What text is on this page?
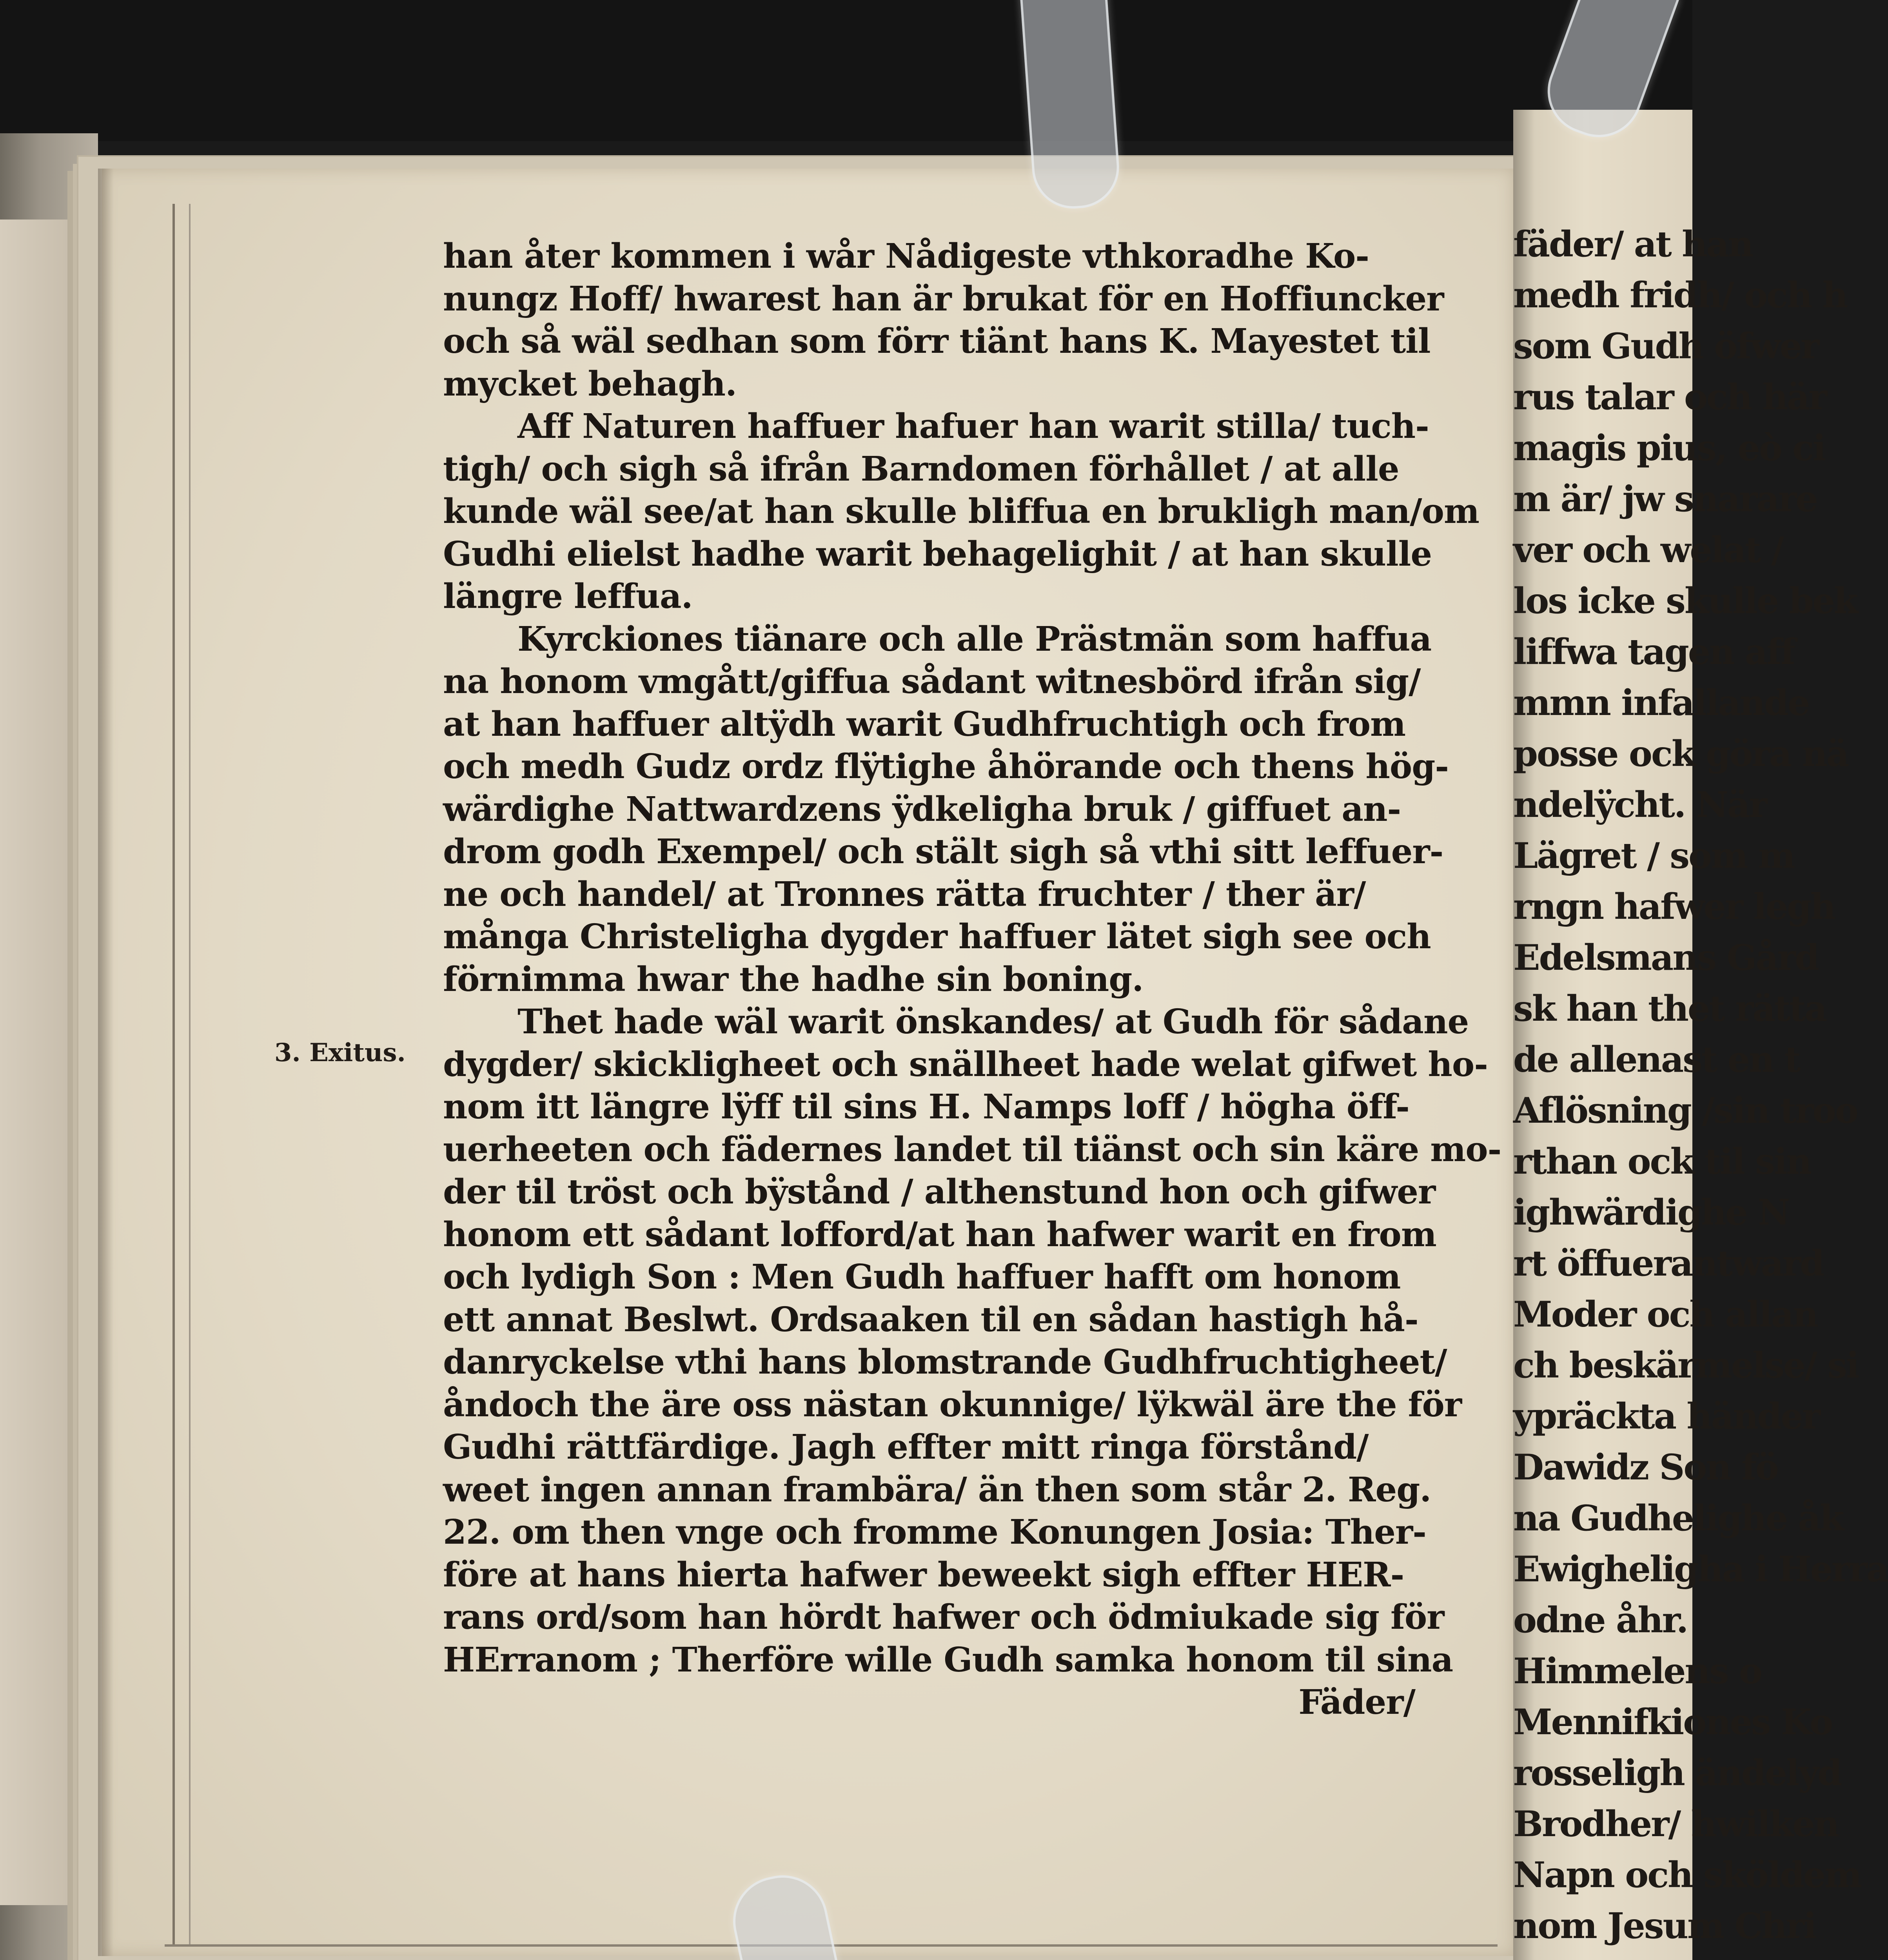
3. Exitus.
han åter kommen i wår Nådigeste vthkoradhe Ko-
nungz Hoff/ hwarest han är brukat för en Hoffiuncker
och så wäl sedhan som förr tiänt hans K. Mayestet til
mycket behagh.
Aff Naturen haffuer hafuer han warit stilla/ tuch-
tigh/ och sigh så ifrån Barndomen förhållet / at alle
kunde wäl see/at han skulle bliffua en brukligh man/om
Gudhi elielst hadhe warit behagelighit / at han skulle
längre leffua.
Kyrckiones tiänare och alle Prästmän som haffua
na honom vmgått/giffua sådant witnesbörd ifrån sig/
at han haffuer altÿdh warit Gudhfruchtigh och from
och medh Gudz ordz flÿtighe åhörande och thens hög-
wärdighe Nattwardzens ÿdkeligha bruk / giffuet an-
drom godh Exempel/ och stält sigh så vthi sitt leffuer-
ne och handel/ at Tronnes rätta fruchter / ther är/
många Christeligha dygder haffuer lätet sigh see och
förnimma hwar the hadhe sin boning.
Thet hade wäl warit önskandes/ at Gudh för sådane
dygder/ skickligheet och snällheet hade welat gifwet ho-
nom itt längre lÿff til sins H. Namps loff / högha öff-
uerheeten och fädernes landet til tiänst och sin käre mo-
der til tröst och bÿstånd / althenstund hon och gifwer
honom ett sådant lofford/at han hafwer warit en from
och lydigh Son : Men Gudh haffuer hafft om honom
ett annat Beslwt. Ordsaaken til en sådan hastigh hå-
danryckelse vthi hans blomstrande Gudhfruchtigheet/
åndoch the äre oss nästan okunnige/ lÿkwäl äre the för
Gudhi rättfärdige. Jagh effter mitt ringa förstånd/
weet ingen annan frambära/ än then som står 2. Reg.
22. om then vnge och fromme Konungen Josia: Ther-
före at hans hierta hafwer beweekt sigh effter HER-
rans ord/som han hördt hafwer och ödmiukade sig för
HErranom ; Therföre wille Gudh samka honom til sina
Fäder/
fäder/ at han
medh fridh/ och h
som Gudh öfwer
rus talar och här
magis pius, eò ci
m är/ jw snarare
ver och welat /
los icke skulle bek
liffwa tagen aff
mmn infallande
posse ock göra nä
ndelÿcht. När
Lägret / som m
rngn hafwer legh
Edelsmans Gård
sk han thet rätta
de allenast en t
Aflösning /sin troo
rthan ock til sin
ighwärdighe N
rt öffuerantward
Moder och allan
ch beskärmelse/ si
ypräckta händer
Dawidz Son fö
na Gudhelighe åk
Ewigheligha i Herra
odne åhr.
Himmelens o
Mennifkiones Ko
rosseligh ändelyd
Brodher/ hwilken
Napn och sköldem
nom Jesum Chri
